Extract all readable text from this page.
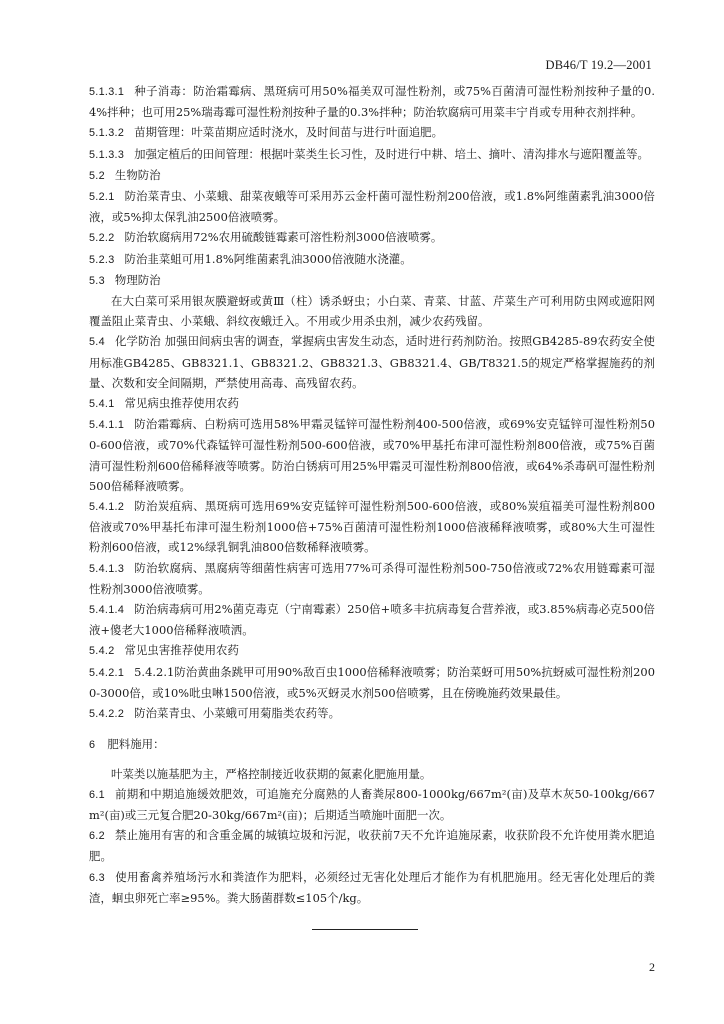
DB46/T 19.2—2001

5.1.3.1 种子消毒：防治霜霉病、黑斑病可用50%福美双可湿性粉剂，或75%百菌清可湿性粉剂按种子量的0.4%拌种；也可用25%瑞毒霉可湿性粉剂按种子量的0.3%拌种；防治软腐病可用菜丰宁肖或专用种衣剂拌种。

5.1.3.2 苗期管理：叶菜苗期应适时浇水，及时间苗与进行叶面追肥。

5.1.3.3 加强定植后的田间管理：根据叶菜类生长习性，及时进行中耕、培土、摘叶、清沟排水与遮阳覆盖等。

5.2 生物防治

5.2.1 防治菜青虫、小菜蛾、甜菜夜蛾等可采用苏云金杆菌可湿性粉剂200倍液，或1.8%阿维菌素乳油3000倍液，或5%抑太保乳油2500倍液喷雾。

5.2.2 防治软腐病用72%农用硫酸链霉素可溶性粉剂3000倍液喷雾。

5.2.3 防治韭菜蛆可用1.8%阿维菌素乳油3000倍液随水浇灌。

5.3 物理防治

在大白菜可采用银灰膜避蚜或黄Ⅲ（柱）诱杀蚜虫；小白菜、青菜、甘蓝、芹菜生产可利用防虫网或遮阳网覆盖阻止菜青虫、小菜蛾、斜纹夜蛾迁入。不用或少用杀虫剂，减少农药残留。

5.4 化学防治 加强田间病虫害的调查，掌握病虫害发生动态，适时进行药剂防治。按照GB4285-89农药安全使用标准GB4285、GB8321.1、GB8321.2、GB8321.3、GB8321.4、GB/T8321.5的规定严格掌握施药的剂量、次数和安全间隔期，严禁使用高毒、高残留农药。

5.4.1 常见病虫推荐使用农药

5.4.1.1 防治霜霉病、白粉病可选用58%甲霜灵锰锌可湿性粉剂400-500倍液，或69%安克锰锌可湿性粉剂500-600倍液，或70%代森锰锌可湿性粉剂500-600倍液，或70%甲基托布津可湿性粉剂800倍液，或75%百菌清可湿性粉剂600倍稀释液等喷雾。防治白锈病可用25%甲霜灵可湿性粉剂800倍液，或64%杀毒矾可湿性粉剂500倍稀释液喷雾。

5.4.1.2 防治炭疽病、黑斑病可选用69%安克锰锌可湿性粉剂500-600倍液，或80%炭疽福美可湿性粉剂800倍液或70%甲基托布津可湿生粉剂1000倍+75%百菌清可湿性粉剂1000倍液稀释液喷雾，或80%大生可湿性粉剂600倍液，或12%绿乳铜乳油800倍数稀释液喷雾。

5.4.1.3 防治软腐病、黑腐病等细菌性病害可选用77%可杀得可湿性粉剂500-750倍液或72%农用链霉素可湿性粉剂3000倍液喷雾。

5.4.1.4 防治病毒病可用2%菌克毒克（宁南霉素）250倍+喷多丰抗病毒复合营养液，或3.85%病毒必克500倍液+傻老大1000倍稀释液喷洒。

5.4.2 常见虫害推荐使用农药

5.4.2.1 5.4.2.1防治黄曲条跳甲可用90%敌百虫1000倍稀释液喷雾；防治菜蚜可用50%抗蚜威可湿性粉剂2000-3000倍，或10%吡虫啉1500倍液，或5%灭蚜灵水剂500倍喷雾，且在傍晚施药效果最佳。

5.4.2.2 防治菜青虫、小菜蛾可用菊脂类农药等。

6 肥料施用：

叶菜类以施基肥为主，严格控制接近收获期的氮素化肥施用量。

6.1 前期和中期追施缓效肥效，可追施充分腐熟的人畜粪尿800-1000kg/667m²(亩)及草木灰50-100kg/667m²(亩)或三元复合肥20-30kg/667m²(亩)；后期适当喷施叶面肥一次。

6.2 禁止施用有害的和含重金属的城镇垃圾和污泥，收获前7天不允许追施尿素，收获阶段不允许使用粪水肥追肥。

6.3 使用畜禽养殖场污水和粪渣作为肥料，必须经过无害化处理后才能作为有机肥施用。经无害化处理后的粪渣，蛔虫卵死亡率≥95%。粪大肠菌群数≤105个/kg。

2
